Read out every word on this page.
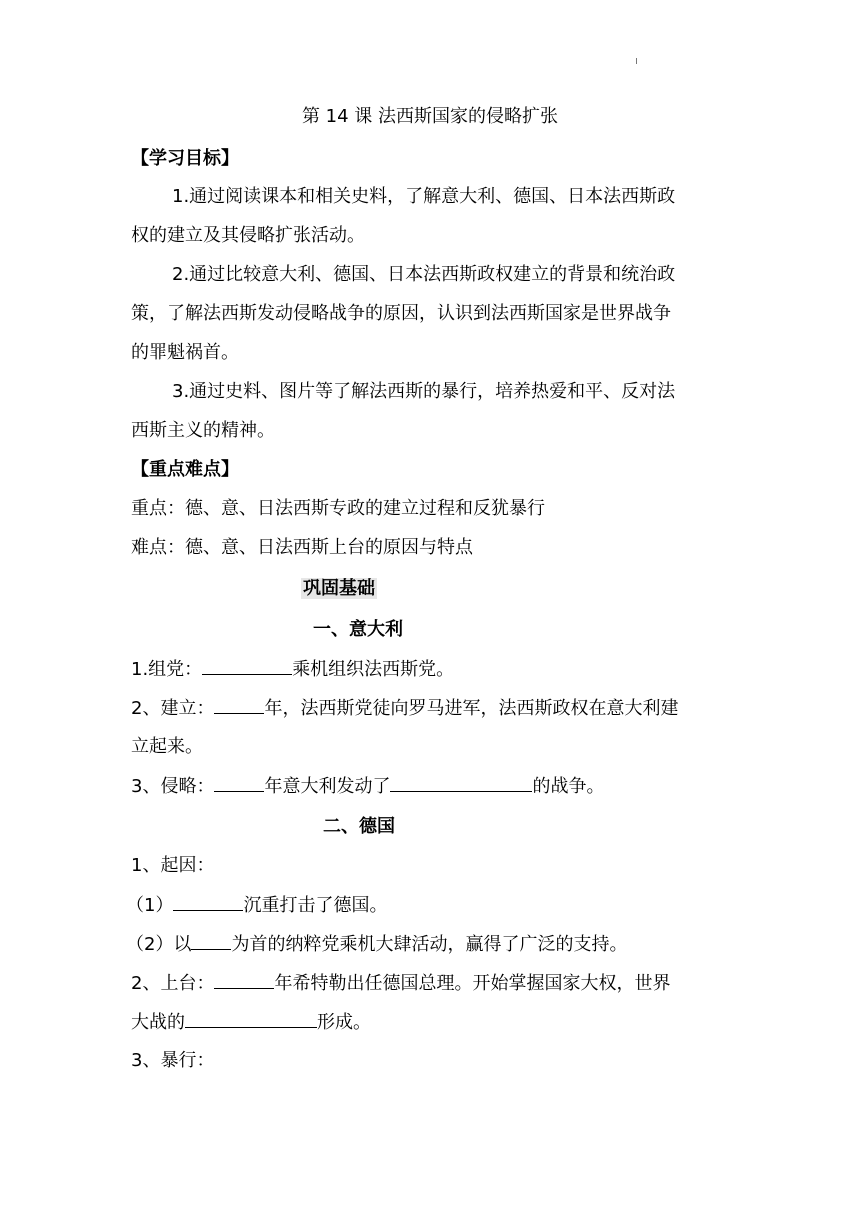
第 14 课 法西斯国家的侵略扩张
【学习目标】
1.通过阅读课本和相关史料，了解意大利、德国、日本法西斯政
权的建立及其侵略扩张活动。
2.通过比较意大利、德国、日本法西斯政权建立的背景和统治政
策，了解法西斯发动侵略战争的原因，认识到法西斯国家是世界战争
的罪魁祸首。
3.通过史料、图片等了解法西斯的暴行，培养热爱和平、反对法
西斯主义的精神。
【重点难点】
重点：德、意、日法西斯专政的建立过程和反犹暴行
难点：德、意、日法西斯上台的原因与特点
巩固基础
一、意大利
1.组党：	乘机组织法西斯党。
2、建立：	年，法西斯党徒向罗马进军，法西斯政权在意大利建
立起来。
3、侵略：	年意大利发动了	的战争。
二、德国
1、起因：
（1）	沉重打击了德国。
（2）以 为首的纳粹党乘机大肆活动，赢得了广泛的支持。
2、上台：	年希特勒出任德国总理。开始掌握国家大权，世界
大战的	形成。
3、暴行：
